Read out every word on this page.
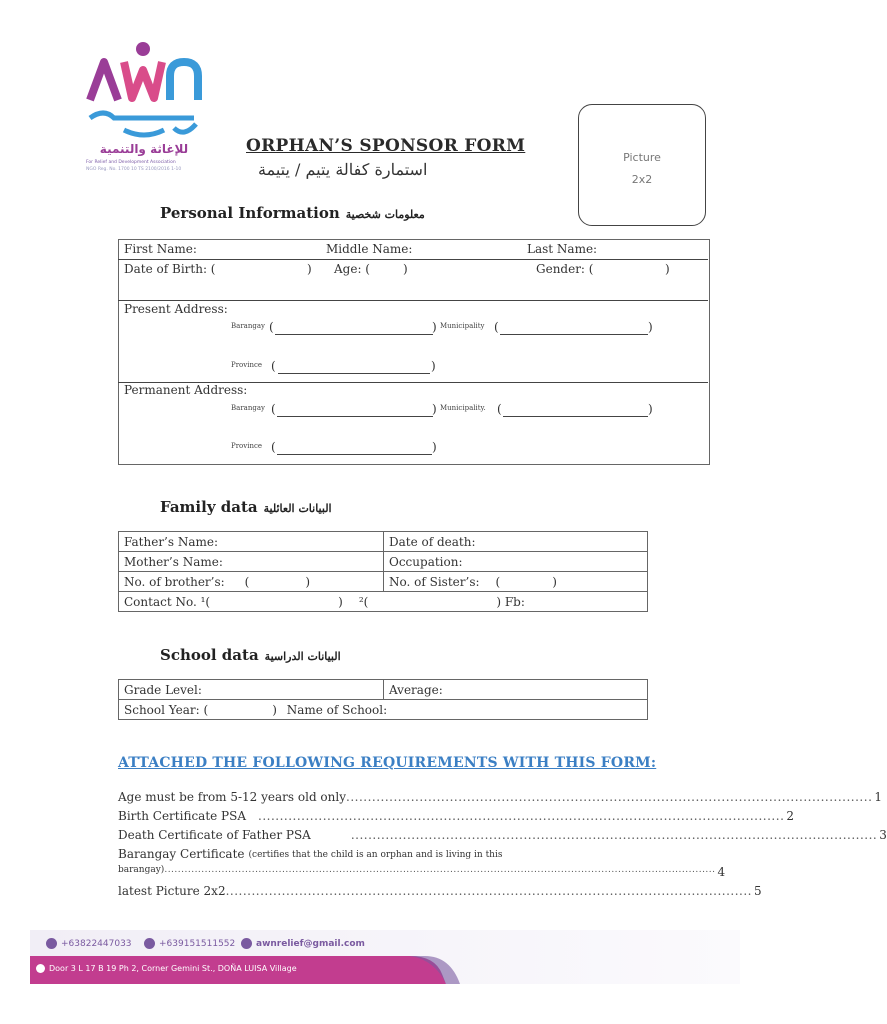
للإغاثة والتنمية
For Relief and Development Association
NGO Reg. No. 1700 10 TS 2100/2016 1-10
ORPHAN’S SPONSOR FORM
استمارة كفالة يتيم / يتيمة
Picture
2x2
Personal Information معلومات شخصية
First Name:	Middle Name:	Last Name:
Date of Birth: (	) Age: (	)	Gender: (	)
Present Address:
Barangay (	) Municipality (	)
Province (	)
Permanent Address:
Barangay (	) Municipality. (	)
Province (	)
Family data البيانات العائلية
Father’s Name:	Date of death:
Mother’s Name:	Occupation:
No. of brother’s: ( )	No. of Sister’s: ( )
Contact No. ¹( ) ²( ) Fb:	
School data البيانات الدراسية
Grade Level:	Average:
School Year: (	) Name of School:
ATTACHED THE FOLLOWING REQUIREMENTS WITH THIS FORM:
Age must be from 5-12 years old only .......................................................................................................................... 1
Birth Certificate PSA .......................................................................................................................... 2
Death Certificate of Father PSA	.......................................................................................................................... 3
Barangay Certificate (certifies that the child is an orphan and is living in this
barangay) .................................................................................................................................................................... 4
latest Picture 2x2 .......................................................................................................................... 5
+63822447033	+639151511552 awnrelief@gmail.com
Door 3 L 17 B 19 Ph 2, Corner Gemini St., DOÑA LUISA Village
